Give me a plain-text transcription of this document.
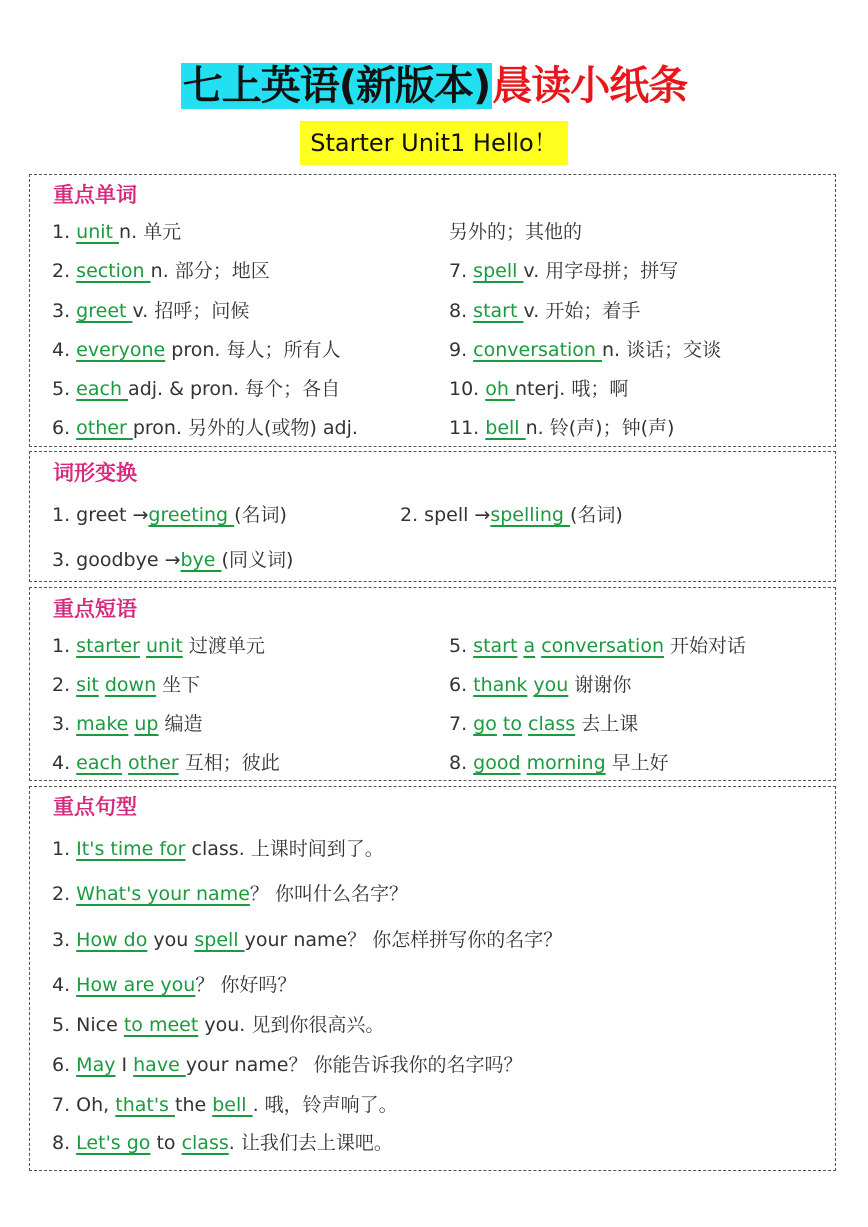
七上英语(新版本)晨读小纸条
Starter Unit1 Hello！
重点单词
词形变换
重点短语
重点句型
1. unit n. 单元
2. section n. 部分；地区
3. greet v. 招呼；问候
4. everyone pron. 每人；所有人
5. each adj. & pron. 每个；各自
6. other pron. 另外的人(或物) adj.
另外的；其他的
7. spell v. 用字母拼；拼写
8. start v. 开始；着手
9. conversation n. 谈话；交谈
10. oh nterj. 哦；啊
11. bell n. 铃(声)；钟(声)
1. greet →greeting (名词)	2. spell →spelling (名词)
3. goodbye →bye (同义词)
1. starter unit 过渡单元
2. sit down 坐下
3. make up 编造
4. each other 互相；彼此
5. start a conversation 开始对话
6. thank you 谢谢你
7. go to class 去上课
8. good morning 早上好
1. It's time for class. 上课时间到了。
2. What's your name？ 你叫什么名字？
3. How do you spell your name？ 你怎样拼写你的名字？
4. How are you？ 你好吗？
5. Nice to meet you. 见到你很高兴。
6. May I have your name？ 你能告诉我你的名字吗？
7. Oh, that's the bell . 哦，铃声响了。
8. Let's go to class. 让我们去上课吧。
